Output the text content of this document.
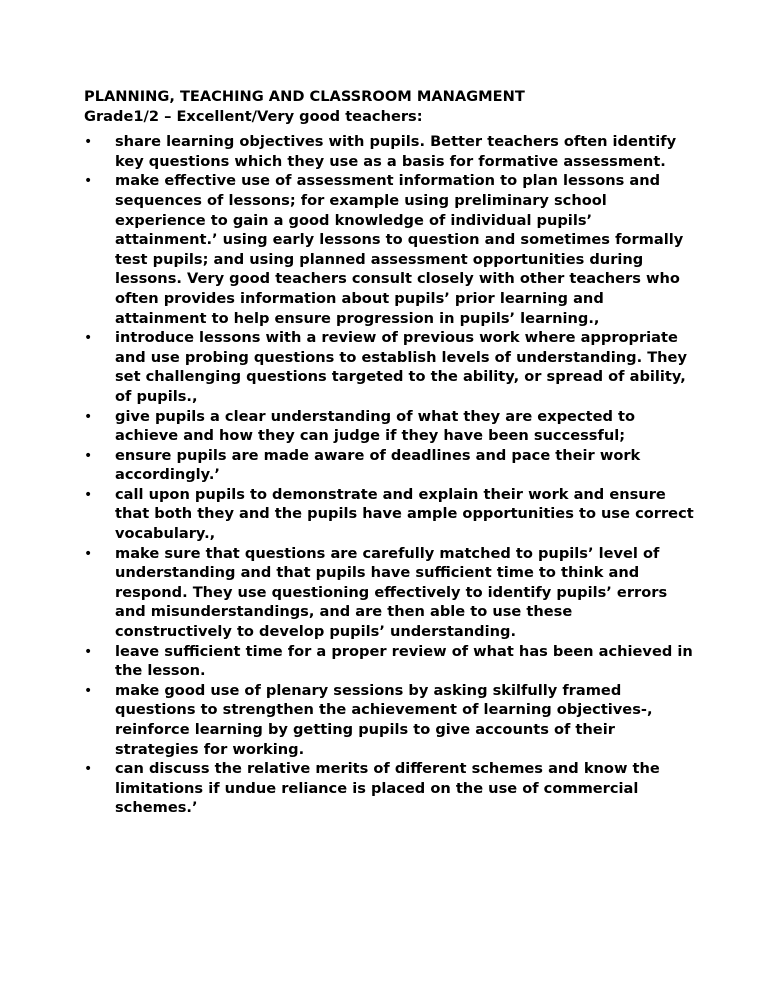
PLANNING, TEACHING AND CLASSROOM MANAGMENT

Grade1/2 – Excellent/Very good teachers:

•
share learning objectives with pupils. Better teachers often identify key questions which they use as a basis for formative assessment.
•
make effective use of assessment information to plan lessons and sequences of lessons; for example using preliminary school experience to gain a good knowledge of individual pupils’ attainment.’ using early lessons to question and sometimes formally test pupils; and using planned assessment opportunities during lessons. Very good teachers consult closely with other teachers who often provides information about pupils’ prior learning and attainment to help ensure progression in pupils’ learning.,
•
introduce lessons with a review of previous work where appropriate and use probing questions to establish levels of understanding. They set challenging questions targeted to the ability, or spread of ability, of pupils.,
•
give pupils a clear understanding of what they are expected to achieve and how they can judge if they have been successful;
•
ensure pupils are made aware of deadlines and pace their work accordingly.’
•
call upon pupils to demonstrate and explain their work and ensure that both they and the pupils have ample opportunities to use correct vocabulary.,
•
make sure that questions are carefully matched to pupils’ level of understanding and that pupils have sufficient time to think and respond. They use questioning effectively to identify pupils’ errors and misunderstandings, and are then able to use these constructively to develop pupils’ understanding.
•
leave sufficient time for a proper review of what has been achieved in the lesson.
•
make good use of plenary sessions by asking skilfully framed questions to strengthen the achievement of learning objectives-, reinforce learning by getting pupils to give accounts of their strategies for working.
•
can discuss the relative merits of different schemes and know the limitations if undue reliance is placed on the use of commercial schemes.’
